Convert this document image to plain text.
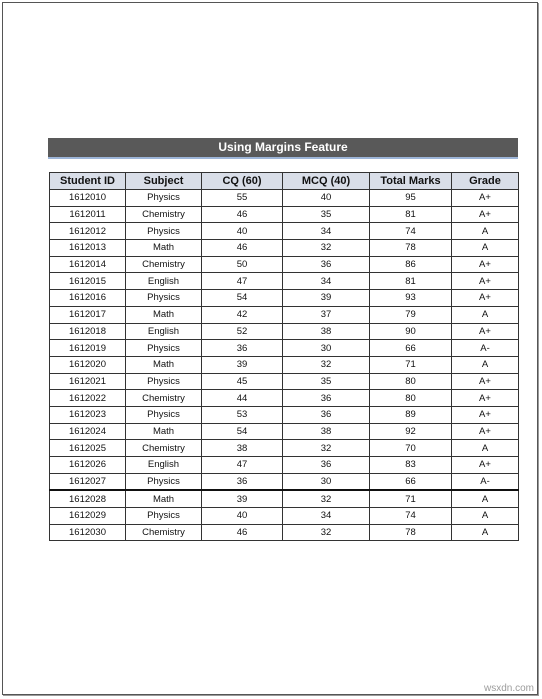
Using Margins Feature
Student ID	Subject	CQ (60)	MCQ (40)	Total Marks	Grade
1612010	Physics	55	40	95	A+
1612011	Chemistry	46	35	81	A+
1612012	Physics	40	34	74	A
1612013	Math	46	32	78	A
1612014	Chemistry	50	36	86	A+
1612015	English	47	34	81	A+
1612016	Physics	54	39	93	A+
1612017	Math	42	37	79	A
1612018	English	52	38	90	A+
1612019	Physics	36	30	66	A-
1612020	Math	39	32	71	A
1612021	Physics	45	35	80	A+
1612022	Chemistry	44	36	80	A+
1612023	Physics	53	36	89	A+
1612024	Math	54	38	92	A+
1612025	Chemistry	38	32	70	A
1612026	English	47	36	83	A+
1612027	Physics	36	30	66	A-
1612028	Math	39	32	71	A
1612029	Physics	40	34	74	A
1612030	Chemistry	46	32	78	A
wsxdn.com
